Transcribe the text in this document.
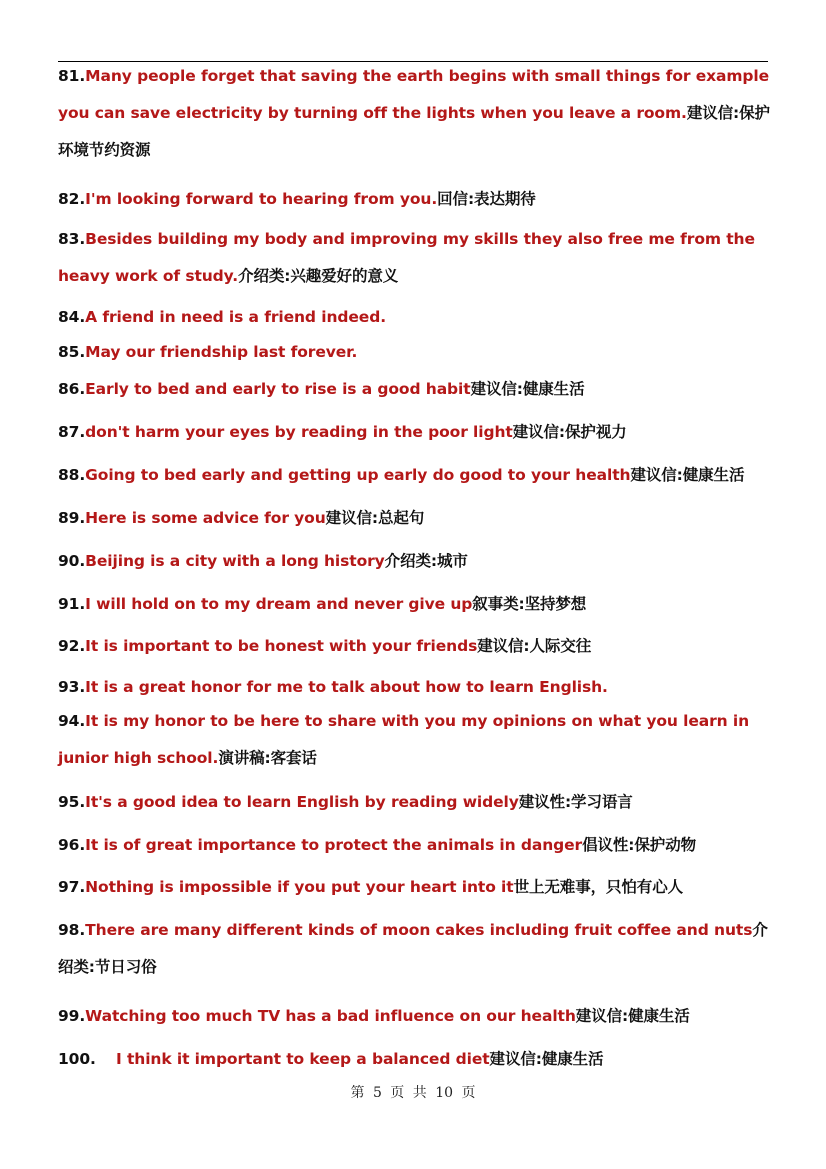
81.Many people forget that saving the earth begins with small things for example you can save electricity by turning off the lights when you leave a room.建议信:保护环境节约资源
82.I'm looking forward to hearing from you.回信:表达期待
83.Besides building my body and improving my skills they also free me from the heavy work of study.介绍类:兴趣爱好的意义
84.A friend in need is a friend indeed.
85.May our friendship last forever.
86.Early to bed and early to rise is a good habit建议信:健康生活
87.don't harm your eyes by reading in the poor light建议信:保护视力
88.Going to bed early and getting up early do good to your health建议信:健康生活
89.Here is some advice for you建议信:总起句
90.Beijing is a city with a long history介绍类:城市
91.I will hold on to my dream and never give up叙事类:坚持梦想
92.It is important to be honest with your friends建议信:人际交往
93.It is a great honor for me to talk about how to learn English.
94.It is my honor to be here to share with you my opinions on what you learn in junior high school.演讲稿:客套话
95.It's a good idea to learn English by reading widely建议性:学习语言
96.It is of great importance to protect the animals in danger倡议性:保护动物
97.Nothing is impossible if you put your heart into it世上无难事，只怕有心人
98.There are many different kinds of moon cakes including fruit coffee and nuts介绍类:节日习俗
99.Watching too much TV has a bad influence on our health建议信:健康生活
100. I think it important to keep a balanced diet建议信:健康生活
第 5 页 共 10 页
